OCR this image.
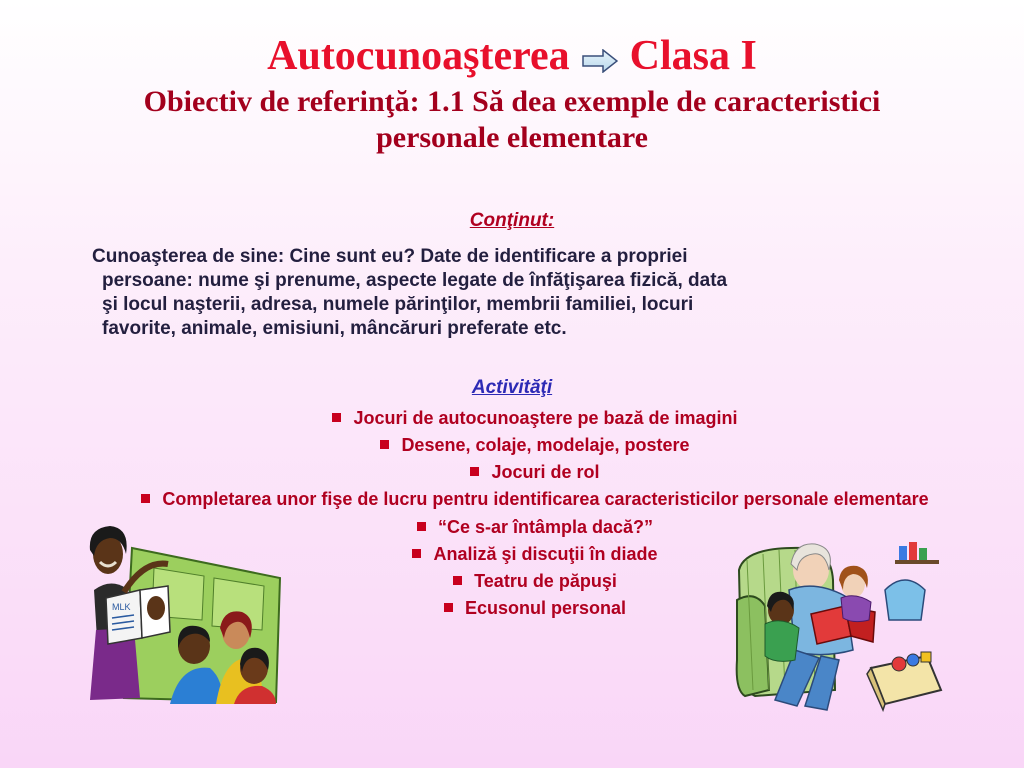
Autocunoaşterea Clasa I
Obiectiv de referinţă: 1.1 Să dea exemple de caracteristici
personale elementare
Conţinut:
Cunoaşterea de sine: Cine sunt eu? Date de identificare a propriei
persoane: nume şi prenume, aspecte legate de înfăţişarea fizică, data
şi locul naşterii, adresa, numele părinţilor, membrii familiei, locuri
favorite, animale, emisiuni, mâncăruri preferate etc.
Activităţi
Jocuri de autocunoaştere pe bază de imagini
Desene, colaje, modelaje, postere
Jocuri de rol
Completarea unor fişe de lucru pentru identificarea caracteristicilor personale elementare
“Ce s-ar întâmpla dacă?”
Analiză şi discuţii în diade
Teatru de păpuşi
Ecusonul personal
MLK
